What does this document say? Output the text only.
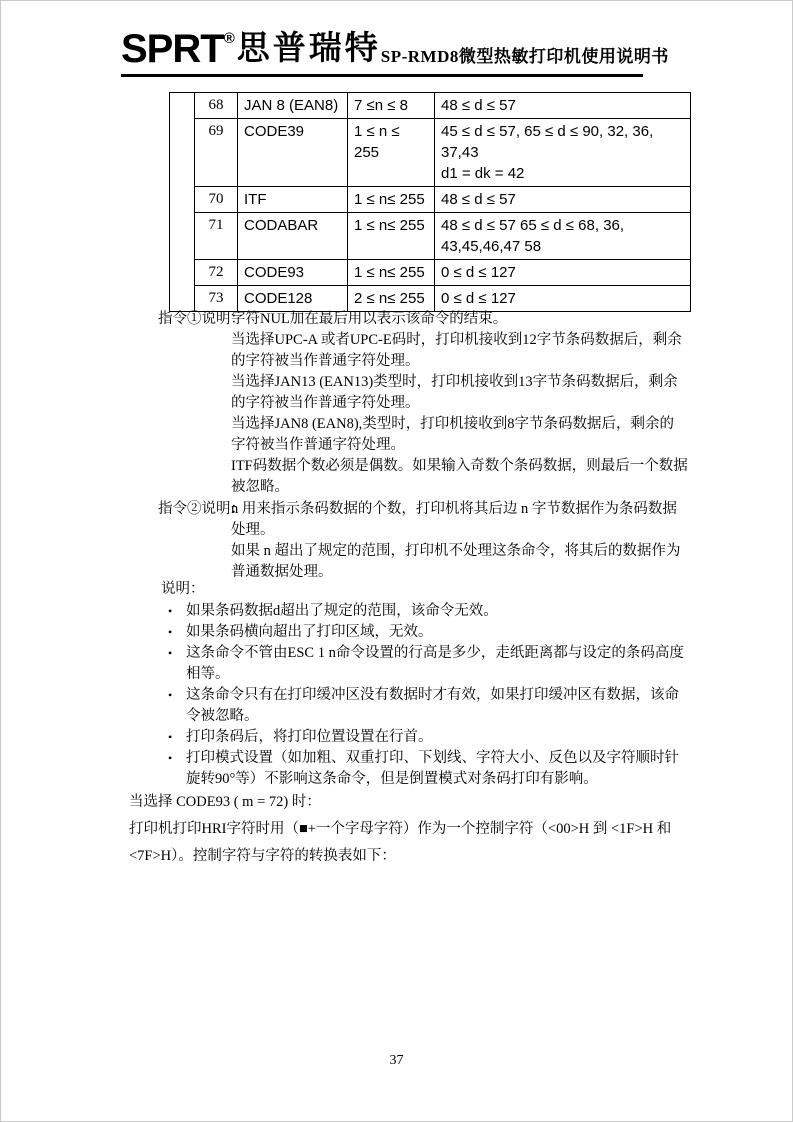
SPRT ® 思普瑞特 SP-RMD8微型热敏打印机使用说明书
	68	JAN 8 (EAN8)	7 ≤n ≤ 8	48 ≤ d ≤ 57

	69	CODE39	1 ≤ n ≤ 255	45 ≤ d ≤ 57, 65 ≤ d ≤ 90, 32, 36, 37,43
d1 = dk = 42

	70	ITF	1 ≤ n≤ 255	48 ≤ d ≤ 57

	71	CODABAR	1 ≤ n≤ 255	48 ≤ d ≤ 57 65 ≤ d ≤ 68, 36,
43,45,46,47 58

	72	CODE93	1 ≤ n≤ 255	0 ≤ d ≤ 127

	73	CODE128	2 ≤ n≤ 255	0 ≤ d ≤ 127
指令①说明：
字符NUL加在最后用以表示该命令的结束。
当选择UPC-A 或者UPC-E码时，打印机接收到12字节条码数据后，剩余的字符被当作普通字符处理。
当选择JAN13 (EAN13)类型时，打印机接收到13字节条码数据后，剩余的字符被当作普通字符处理。
当选择JAN8 (EAN8),类型时，打印机接收到8字节条码数据后，剩余的字符被当作普通字符处理。
ITF码数据个数必须是偶数。如果输入奇数个条码数据，则最后一个数据被忽略。
指令②说明：
n 用来指示条码数据的个数，打印机将其后边 n 字节数据作为条码数据处理。
如果 n 超出了规定的范围，打印机不处理这条命令，将其后的数据作为普通数据处理。
说明：
• 如果条码数据d超出了规定的范围，该命令无效。
• 如果条码横向超出了打印区域，无效。
• 这条命令不管由ESC 1 n命令设置的行高是多少，走纸距离都与设定的条码高度相等。
• 这条命令只有在打印缓冲区没有数据时才有效，如果打印缓冲区有数据，该命令被忽略。
• 打印条码后，将打印位置设置在行首。
• 打印模式设置（如加粗、双重打印、下划线、字符大小、反色以及字符顺时针旋转90°等）不影响这条命令，但是倒置模式对条码打印有影响。
当选择 CODE93 ( m = 72) 时：
打印机打印HRI字符时用（■+一个字母字符）作为一个控制字符（<00>H 到 <1F>H 和 <7F>H）。控制字符与字符的转换表如下：
37
